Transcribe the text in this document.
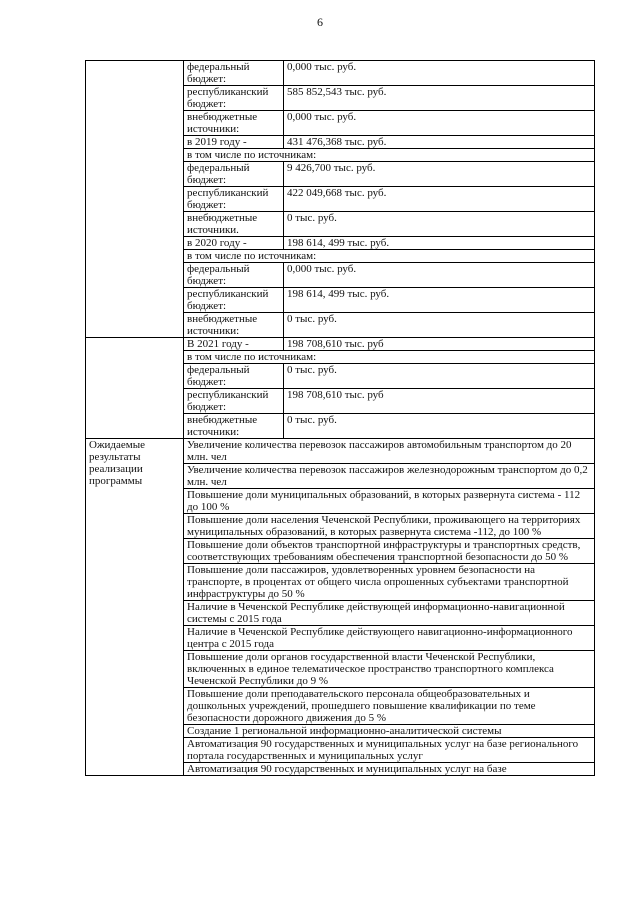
6
	федеральный бюджет:	0,000 тыс. руб.
	республиканский бюджет:	585 852,543 тыс. руб.
	внебюджетные источники:	0,000 тыс. руб.
	в 2019 году -	431 476,368 тыс. руб.
	в том числе по источникам:	
	федеральный бюджет:	9 426,700 тыс. руб.
	республиканский бюджет:	422 049,668 тыс. руб.
	внебюджетные источники.	0 тыс. руб.
	в 2020 году -	198 614, 499 тыс. руб.
	в том числе по источникам:	
	федеральный бюджет:	0,000 тыс. руб.
	республиканский бюджет:	198 614, 499 тыс. руб.
	внебюджетные источники:	0 тыс. руб.
	В 2021 году -	198 708,610 тыс. руб
	в том числе по источникам:	
	федеральный бюджет:	0 тыс. руб.
	республиканский бюджет:	198 708,610 тыс. руб
	внебюджетные источники:	0 тыс. руб.
Ожидаемые результаты реализации программы	Увеличение количества перевозок пассажиров автомобильным транспортом до 20 млн. чел	
	Увеличение количества перевозок пассажиров железнодорожным транспортом до 0,2 млн. чел	
	Повышение доли муниципальных образований, в которых развернута система - 112 до 100 %	
	Повышение доли населения Чеченской Республики, проживающего на территориях муниципальных образований, в которых развернута система -112, до 100 %	
	Повышение доли объектов транспортной инфраструктуры и транспортных средств, соответствующих требованиям обеспечения транспортной безопасности до 50 %	
	Повышение доли пассажиров, удовлетворенных уровнем безопасности на транспорте, в процентах от общего числа опрошенных субъектами транспортной инфраструктуры до 50 %	
	Наличие в Чеченской Республике действующей информационно-навигационной системы с 2015 года	
	Наличие в Чеченской Республике действующего навигационно-информационного центра с 2015 года	
	Повышение доли органов государственной власти Чеченской Республики, включенных в единое телематическое пространство транспортного комплекса Чеченской Республики до 9 %	
	Повышение доли преподавательского персонала общеобразовательных и дошкольных учреждений, прошедшего повышение квалификации по теме безопасности дорожного движения до 5 %	
	Создание 1 региональной информационно-аналитической системы	
	Автоматизация 90 государственных и муниципальных услуг на базе регионального портала государственных и муниципальных услуг	
	Автоматизация 90 государственных и муниципальных услуг на базе	
